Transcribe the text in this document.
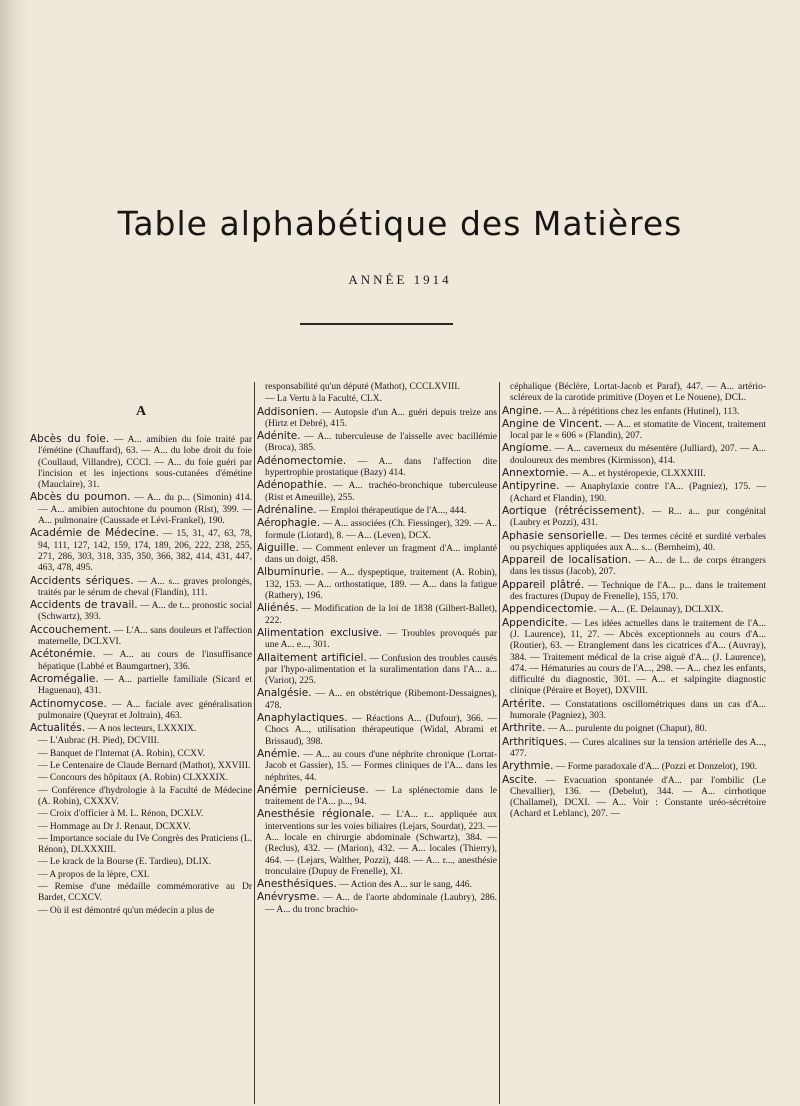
Table alphabétique des Matières
ANNÉE 1914
A
Abcès du foie. — A... amibien du foie traité par l'émétine (Chauffard), 63. — A... du lobe droit du foie (Coullaud, Villandre), CCCI. — A... du foie guéri par l'incision et les injections sous-cutanées d'émétine (Mauclaire), 31.
Abcès du poumon. — A... du p... (Simonin) 414. — A... amibien autochtone du poumon (Rist), 399. — A... pulmonaire (Caussade et Lévi-Frankel), 190.
Académie de Médecine. — 15, 31, 47, 63, 78, 94, 111, 127, 142, 159, 174, 189, 206, 222, 238, 255, 271, 286, 303, 318, 335, 350, 366, 382, 414, 431, 447, 463, 478, 495.
Accidents sériques. — A... s... graves prolongés, traités par le sérum de cheval (Flandin), 111.
Accidents de travail. — A... de t... pronostic social (Schwartz), 393.
Accouchement. — L'A... sans douleurs et l'affection maternelle, DCLXVI.
Acétonémie. — A... au cours de l'insuffisance hépatique (Labbé et Baumgartner), 336.
Acromégalie. — A... partielle familiale (Sicard et Haguenau), 431.
Actinomycose. — A... faciale avec généralisation pulmonaire (Queyrat et Joltrain), 463.
Actualités. — A nos lecteurs, LXXXIX.
— L'Aubrac (H. Pied), DCVIII.
— Banquet de l'Internat (A. Robin), CCXV.
— Le Centenaire de Claude Bernard (Mathot), XXVIII.
— Concours des hôpitaux (A. Robin) CLXXXIX.
— Conférence d'hydrologie à la Faculté de Médecine (A. Robin), CXXXV.
— Croix d'officier à M. L. Rénon, DCXLV.
— Hommage au Dr J. Renaut, DCXXV.
— Importance sociale du IVe Congrès des Praticiens (L. Rénon), DLXXXIII.
— Le krack de la Bourse (E. Tardieu), DLIX.
— A propos de la lèpre, CXI.
— Remise d'une médaille commémorative au Dr Bardet, CCXCV.
— Où il est démontré qu'un médecin a plus de
responsabilité qu'un député (Mathot), CCCLXVIII.
— La Vertu à la Faculté, CLX.
Addisonien. — Autopsie d'un A... guéri depuis treize ans (Hirtz et Debré), 415.
Adénite. — A... tuberculeuse de l'aisselle avec bacillémie (Broca), 385.
Adénomectomie. — A... dans l'affection dite hypertrophie prostatique (Bazy) 414.
Adénopathie. — A... trachéo-bronchique tuberculeuse (Rist et Ameuille), 255.
Adrénaline. — Emploi thérapeutique de l'A..., 444.
Aérophagie. — A... associées (Ch. Fiessinger), 329. — A.. formule (Liotard), 8. — A... (Leven), DCX.
Aiguille. — Comment enlever un fragment d'A... implanté dans un doigt, 458.
Albuminurie. — A... dyspeptique, traitement (A. Robin), 132, 153. — A... orthostatique, 189. — A... dans la fatigue (Rathery), 196.
Aliénés. — Modification de la loi de 1838 (Gilbert-Ballet), 222.
Alimentation exclusive. — Troubles provoqués par une A... e..., 301.
Allaitement artificiel. — Confusion des troubles causés par l'hypo-alimentation et la suralimentation dans l'A... a... (Variot), 225.
Analgésie. — A... en obstétrique (Ribemont-Dessaignes), 478.
Anaphylactiques. — Réactions A... (Dufour), 366. — Chocs A..., utilisation thérapeutique (Widal, Abrami et Brissaud), 398.
Anémie. — A... au cours d'une néphrite chronique (Lortat-Jacob et Gassier), 15. — Formes cliniques de l'A... dans les néphrites, 44.
Anémie pernicieuse. — La splénectomie dans le traitement de l'A... p..., 94.
Anesthésie régionale. — L'A... r... appliquée aux interventions sur les voies biliaires (Lejars, Sourdat), 223. — A... locale en chirurgie abdominale (Schwartz), 384. — (Reclus), 432. — (Marion), 432. — A... locales (Thierry), 464. — (Lejars, Walther, Pozzi), 448. — A... r..., anesthésie tronculaire (Dupuy de Frenelle), XI.
Anesthésiques. — Action des A... sur le sang, 446.
Anévrysme. — A... de l'aorte abdominale (Laubry), 286. — A... du tronc brachio-
céphalique (Béclère, Lortat-Jacob et Paraf), 447. — A... artério-scléreux de la carotide primitive (Doyen et Le Nouene), DCL.
Angine. — A... à répétitions chez les enfants (Hutinel), 113.
Angine de Vincent. — A... et stomatite de Vincent, traitement local par le « 606 » (Flandin), 207.
Angiome. — A... caverneux du mésentère (Julliard), 207. — A... douloureux des membres (Kirmisson), 414.
Annextomie. — A... et hystéropexie, CLXXXIII.
Antipyrine. — Anaphylaxie contre l'A... (Pagniez), 175. — (Achard et Flandin), 190.
Aortique (rétrécissement). — R... a... pur congénital (Laubry et Pozzi), 431.
Aphasie sensorielle. — Des termes cécité et surdité verbales ou psychiques appliquées aux A... s... (Bernheim), 40.
Appareil de localisation. — A... de l... de corps étrangers dans les tissus (Jacob), 207.
Appareil plâtré. — Technique de l'A... p... dans le traitement des fractures (Dupuy de Frenelle), 155, 170.
Appendicectomie. — A... (E. Delaunay), DCLXIX.
Appendicite. — Les idées actuelles dans le traitement de l'A... (J. Laurence), 11, 27. — Abcès exceptionnels au cours d'A... (Routier), 63. — Etranglement dans les cicatrices d'A... (Auvray), 384. — Traitement médical de la crise aiguë d'A... (J. Laurence), 474. — Hématuries au cours de l'A..., 298. — A... chez les enfants, difficulté du diagnostic, 301. — A... et salpingite diagnostic clinique (Péraire et Boyet), DXVIII.
Artérite. — Constatations oscillométriques dans un cas d'A... humorale (Pagniez), 303.
Arthrite. — A... purulente du poignet (Chaput), 80.
Arthritiques. — Cures alcalines sur la tension artérielle des A..., 477.
Arythmie. — Forme paradoxale d'A... (Pozzi et Donzelot), 190.
Ascite. — Evacuation spontanée d'A... par l'ombilic (Le Chevallier), 136. — (Debelut), 344. — A... cirrhotique (Challamel), DCXI. — A... Voir : Constante uréo-sécrétoire (Achard et Leblanc), 207. —
